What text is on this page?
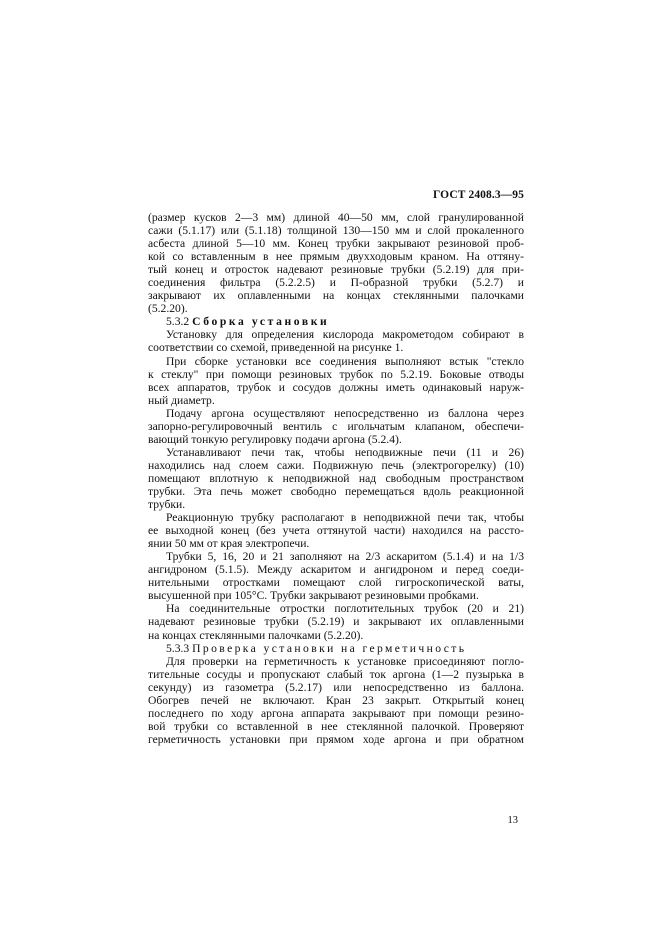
ГОСТ 2408.3—95
(размер кусков 2—3 мм) длиной 40—50 мм, слой гранулированной
сажи (5.1.17) или (5.1.18) толщиной 130—150 мм и слой прокаленного
асбеста длиной 5—10 мм. Конец трубки закрывают резиновой проб-
кой со вставленным в нее прямым двухходовым краном. На оттяну-
тый конец и отросток надевают резиновые трубки (5.2.19) для при-
соединения фильтра (5.2.2.5) и П-образной трубки (5.2.7) и
закрывают их оплавленными на концах стеклянными палочками
(5.2.20).
5.3.2 Сборка установки
Установку для определения кислорода макрометодом собирают в
соответствии со схемой, приведенной на рисунке 1.
При сборке установки все соединения выполняют встык "стекло
к стеклу" при помощи резиновых трубок по 5.2.19. Боковые отводы
всех аппаратов, трубок и сосудов должны иметь одинаковый наруж-
ный диаметр.
Подачу аргона осуществляют непосредственно из баллона через
запорно-регулировочный вентиль с игольчатым клапаном, обеспечи-
вающий тонкую регулировку подачи аргона (5.2.4).
Устанавливают печи так, чтобы неподвижные печи (11 и 26)
находились над слоем сажи. Подвижную печь (электрогорелку) (10)
помещают вплотную к неподвижной над свободным пространством
трубки. Эта печь может свободно перемещаться вдоль реакционной
трубки.
Реакционную трубку располагают в неподвижной печи так, чтобы
ее выходной конец (без учета оттянутой части) находился на рассто-
янии 50 мм от края электропечи.
Трубки 5, 16, 20 и 21 заполняют на 2/3 аскаритом (5.1.4) и на 1/3
ангидроном (5.1.5). Между аскаритом и ангидроном и перед соеди-
нительными отростками помещают слой гигроскопической ваты,
высушенной при 105°С. Трубки закрывают резиновыми пробками.
На соединительные отростки поглотительных трубок (20 и 21)
надевают резиновые трубки (5.2.19) и закрывают их оплавленными
на концах стеклянными палочками (5.2.20).
5.3.3 Проверка установки на герметичность
Для проверки на герметичность к установке присоединяют погло-
тительные сосуды и пропускают слабый ток аргона (1—2 пузырька в
секунду) из газометра (5.2.17) или непосредственно из баллона.
Обогрев печей не включают. Кран 23 закрыт. Открытый конец
последнего по ходу аргона аппарата закрывают при помощи резино-
вой трубки со вставленной в нее стеклянной палочкой. Проверяют
герметичность установки при прямом ходе аргона и при обратном
13
